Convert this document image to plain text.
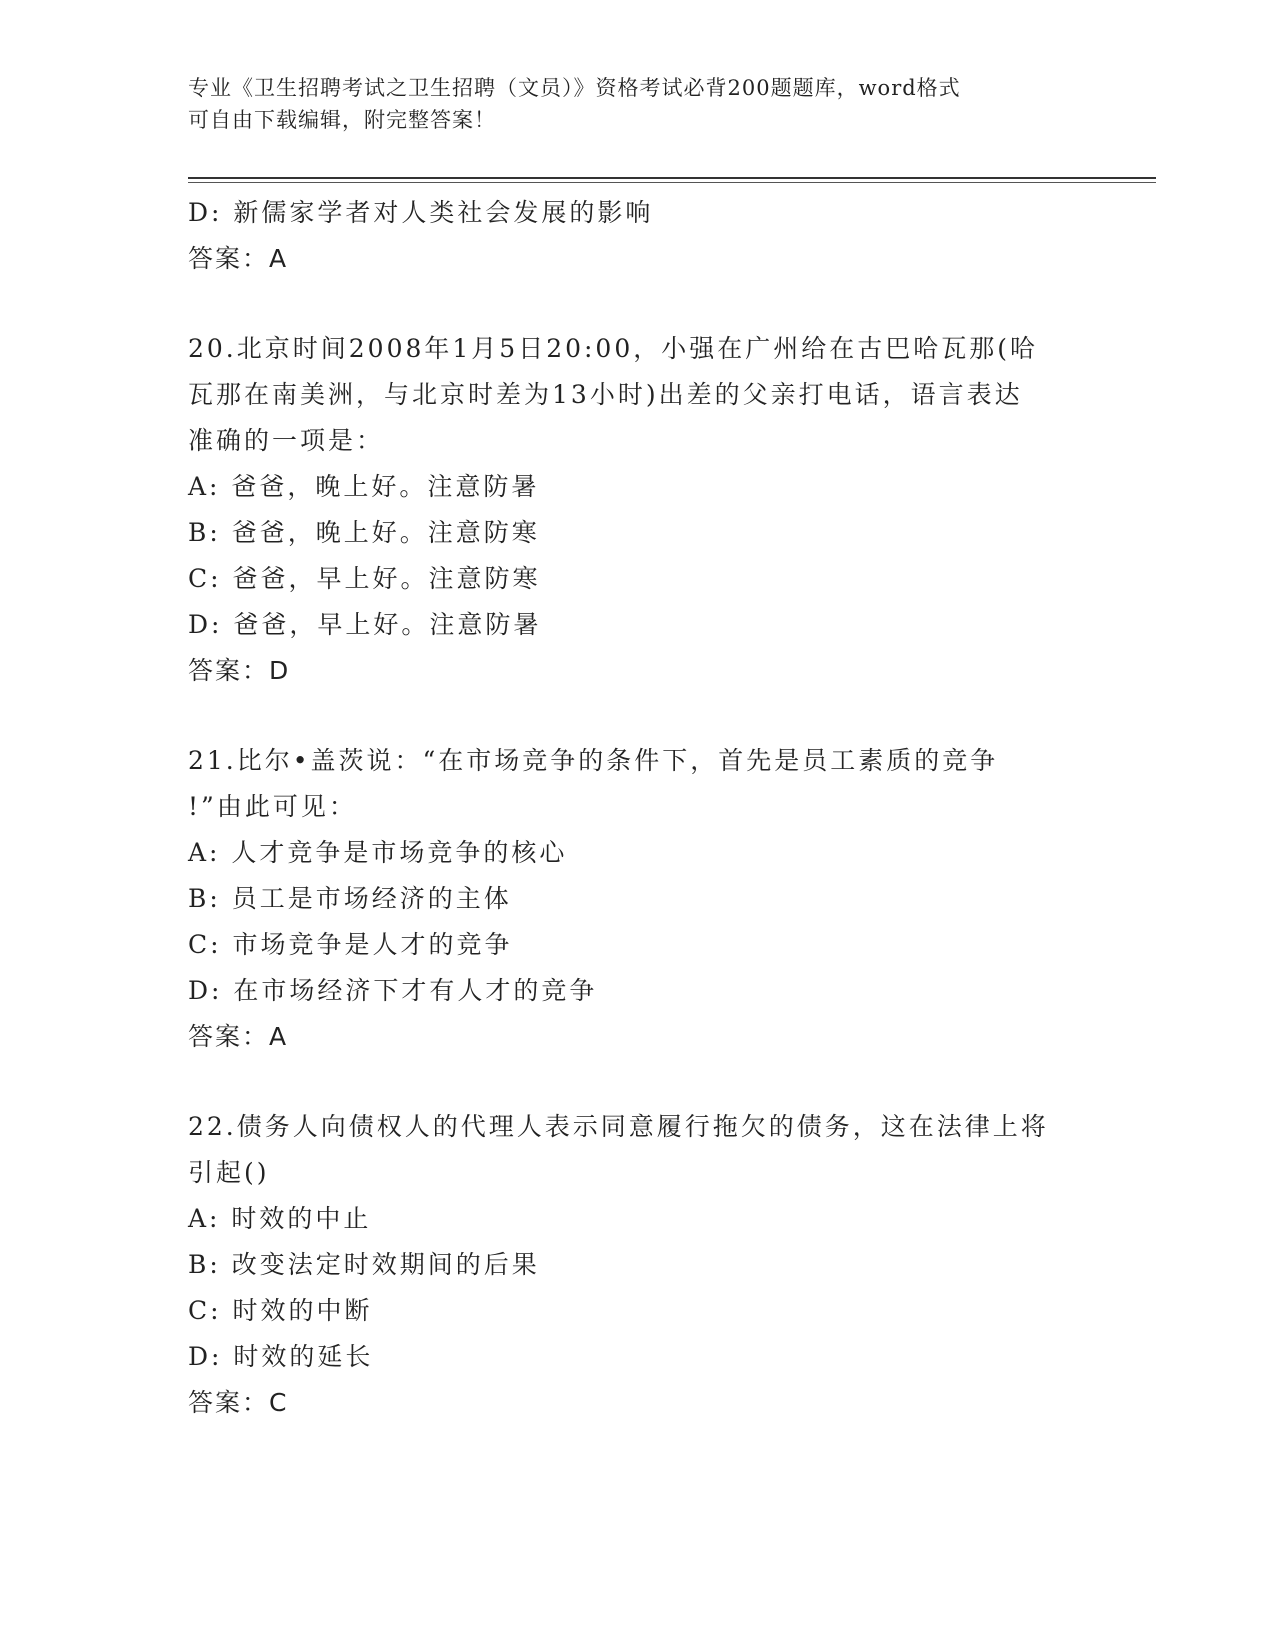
专业《卫生招聘考试之卫生招聘（文员）》资格考试必背200题题库，word格式
可自由下载编辑，附完整答案！
D: 新儒家学者对人类社会发展的影响
答案：A
20.北京时间2008年1月5日20:00，小强在广州给在古巴哈瓦那(哈
瓦那在南美洲，与北京时差为13小时)出差的父亲打电话，语言表达
准确的一项是：
A: 爸爸，晚上好。注意防暑
B: 爸爸，晚上好。注意防寒
C: 爸爸，早上好。注意防寒
D: 爸爸，早上好。注意防暑
答案：D
21.比尔•盖茨说：“在市场竞争的条件下，首先是员工素质的竞争
!”由此可见：
A: 人才竞争是市场竞争的核心
B: 员工是市场经济的主体
C: 市场竞争是人才的竞争
D: 在市场经济下才有人才的竞争
答案：A
22.债务人向债权人的代理人表示同意履行拖欠的债务，这在法律上将
引起()
A: 时效的中止
B: 改变法定时效期间的后果
C: 时效的中断
D: 时效的延长
答案：C
